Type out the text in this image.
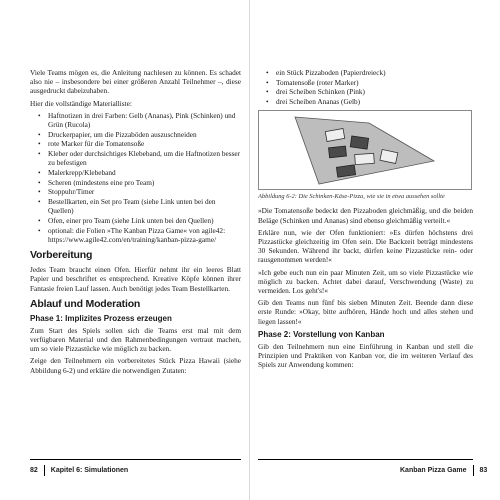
Viele Teams mögen es, die Anleitung nachlesen zu können. Es schadet also nie – insbesondere bei einer größeren Anzahl Teilnehmer –, diese ausgedruckt dabeizuhaben.

Hier die vollständige Materialliste:

• Haftnotizen in drei Farben: Gelb (Ananas), Pink (Schinken) und Grün (Rucola)
• Druckerpapier, um die Pizzaböden auszuschneiden
• rote Marker für die Tomatensoße
• Kleber oder durchsichtiges Klebeband, um die Haftnotizen besser zu befestigen
• Malerkrepp/Klebeband
• Scheren (mindestens eine pro Team)
• Stoppuhr/Timer
• Bestellkarten, ein Set pro Team (siehe Link unten bei den Quellen)
• Ofen, einer pro Team (siehe Link unten bei den Quellen)
• optional: die Folien »The Kanban Pizza Game« von agile42: https://www.agile42.com/en/training/kanban-pizza-game/
Vorbereitung

Jedes Team braucht einen Ofen. Hierfür nehmt ihr ein leeres Blatt Papier und beschriftet es entsprechend. Kreative Köpfe können ihrer Fantasie freien Lauf lassen. Auch benötigt jedes Team Bestellkarten.

Ablauf und Moderation
Phase 1: Implizites Prozess erzeugen

Zum Start des Spiels sollen sich die Teams erst mal mit dem verfügbaren Material und den Rahmenbedingungen vertraut machen, um so viele Pizzastücke wie möglich zu backen.

Zeige den Teilnehmern ein vorbereitetes Stück Pizza Hawaii (siehe Abbildung 6-2) und erkläre die notwendigen Zutaten:

• ein Stück Pizzaboden (Papierdreieck)
• Tomatensoße (roter Marker)
• drei Scheiben Schinken (Pink)
• drei Scheiben Ananas (Gelb)

Abbildung 6-2: Die Schinken-Käse-Pizza, wie sie in etwa aussehen sollte

»Die Tomatensoße bedeckt den Pizzaboden gleichmäßig, und die beiden Beläge (Schinken und Ananas) sind ebenso gleichmäßig verteilt.«

Erkläre nun, wie der Ofen funktioniert: »Es dürfen höchstens drei Pizzastücke gleichzeitig im Ofen sein. Die Backzeit beträgt mindestens 30 Sekunden. Während ihr backt, dürfen keine Pizzastücke rein- oder rausgenommen werden!«

»Ich gebe euch nun ein paar Minuten Zeit, um so viele Pizzastücke wie möglich zu backen. Achtet dabei darauf, Verschwendung (Waste) zu vermeiden. Los geht's!«

Gib den Teams nun fünf bis sieben Minuten Zeit. Beende dann diese erste Runde: »Okay, bitte aufhören, Hände hoch und alles stehen und liegen lassen!«

Phase 2: Vorstellung von Kanban

Gib den Teilnehmern nun eine Einführung in Kanban und stell die Prinzipien und Praktiken von Kanban vor, die im weiteren Verlauf des Spiels zur Anwendung kommen:

82 Kapitel 6: Simulationen	Kanban Pizza Game 83
